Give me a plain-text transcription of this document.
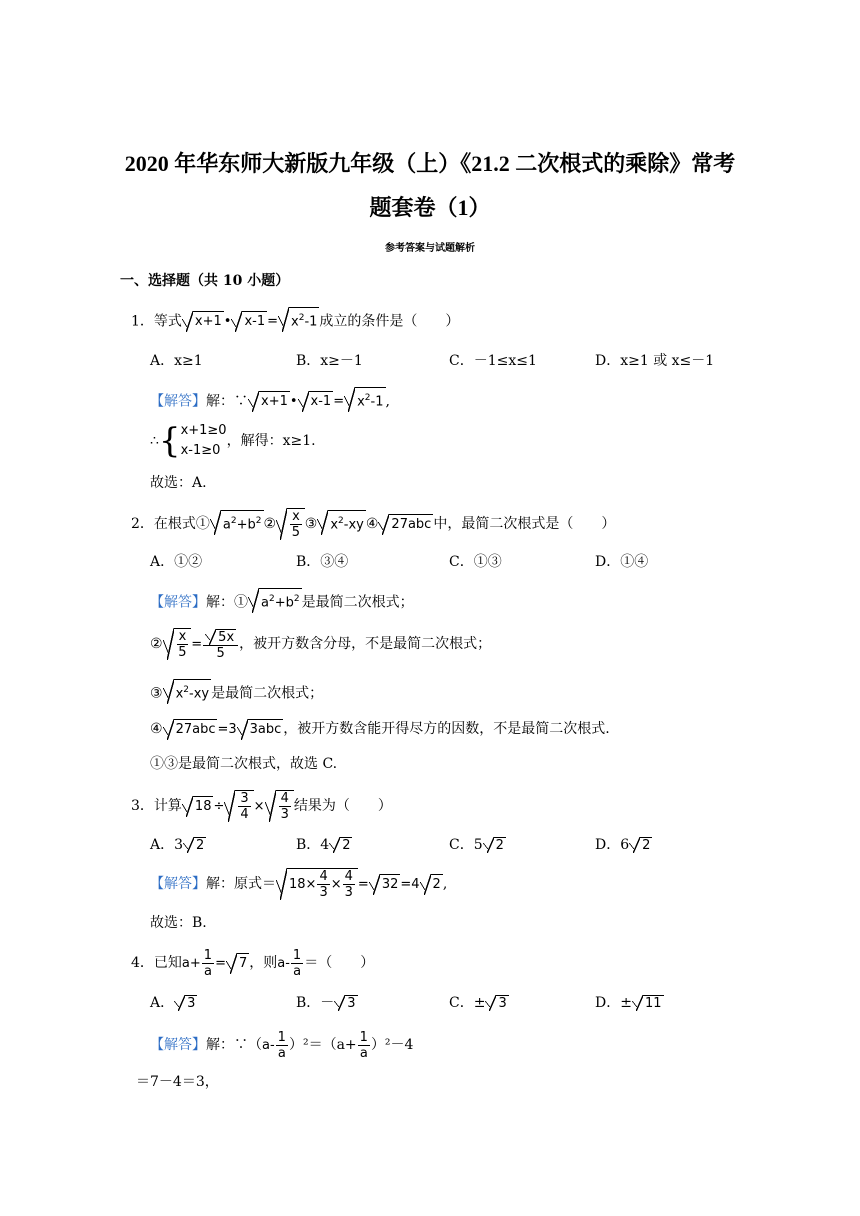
2020 年华东师大新版九年级（上）《21.2 二次根式的乘除》常考
题套卷（1）
参考答案与试题解析
一、选择题（共 10 小题）
1．等式 x+1 • $x-1 = x^2-1$ 成立的条件是（　　）
A．x≥1	B．x≥－1	C．－1≤x≤1	D．x≥1 或 x≤－1
【解答】解：∵ x+1 • $x-1 = x^2-1$ ,
∴{ x+1≥0
x-1≥0
，解得：x≥1.
故选：A.
2．在根式① $a^2+b^2$ ② $\frac{x}{5}$ ③ $x^2-xy$ ④ 27abc 中，最简二次根式是（　　）
A．①②	B．③④	C．①③	D．①④
【解答】解：① $a^2+b^2$ 是最简二次根式；
② $\frac{x}{5} = \frac{5x}{5}$ ，被开方数含分母，不是最简二次根式；
③ $x^2-xy$ 是最简二次根式；
④ 27abc =3 3abc ，被开方数含能开得尽方的因数，不是最简二次根式.
①③是最简二次根式，故选 C.
3．计算 $18 \div \frac{3}{4} \times \frac{4}{3}$ 结果为（　　）
A．3 2	B．4 2	C．5 2	D．6 2
【解答】解：原式＝ $18\times \frac{4}{3} \times \frac{4}{3} = 32 =4$ 2 ,
故选：B.
4．已知$a+ \frac{1}{a} = 7$ ，则$a- \frac{1}{a}$ ＝（　　）
A． 3	B．－ 3	C．± 3	D．± 11
【解答】解：∵（a- $\frac{1}{a} )^2=(a+ \frac{1}{a} )^2-4$
＝7－4＝3，
